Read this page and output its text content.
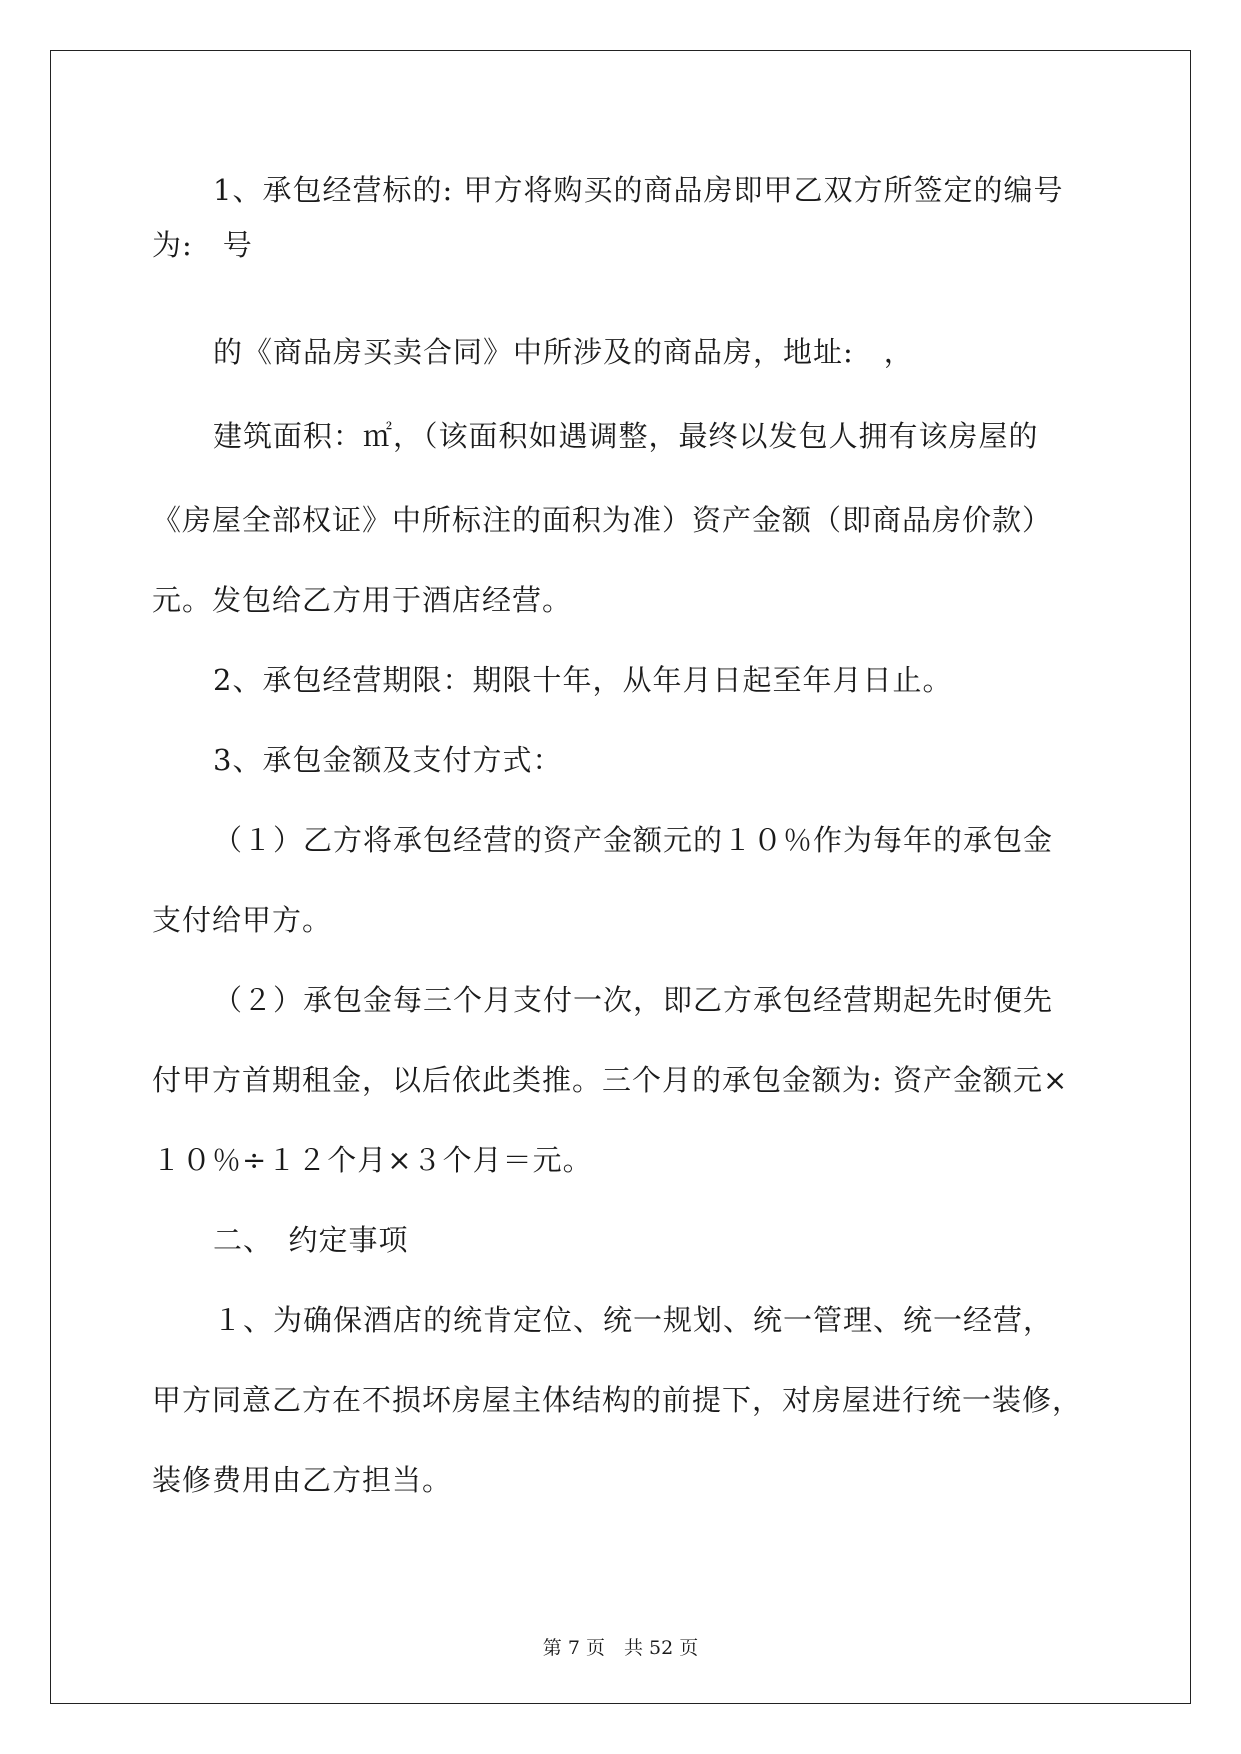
1、承包经营标的: 甲方将购买的商品房即甲乙双方所签定的编号
为:　号
的《商品房买卖合同》中所涉及的商品房，地址:　，
建筑面积：㎡，（该面积如遇调整，最终以发包人拥有该房屋的
《房屋全部权证》中所标注的面积为准）资产金额（即商品房价款）
元。发包给乙方用于酒店经营。
2、承包经营期限：期限十年，从年月日起至年月日止。
3、承包金额及支付方式：
（１）乙方将承包经营的资产金额元的１０％作为每年的承包金
支付给甲方。
（２）承包金每三个月支付一次，即乙方承包经营期起先时便先
付甲方首期租金，以后依此类推。三个月的承包金额为: 资产金额元×
１０％÷１２个月×３个月＝元。
二、　约定事项
１、为确保酒店的统肯定位、统一规划、统一管理、统一经营，
甲方同意乙方在不损坏房屋主体结构的前提下，对房屋进行统一装修，
装修费用由乙方担当。
第 7 页　共 52 页
